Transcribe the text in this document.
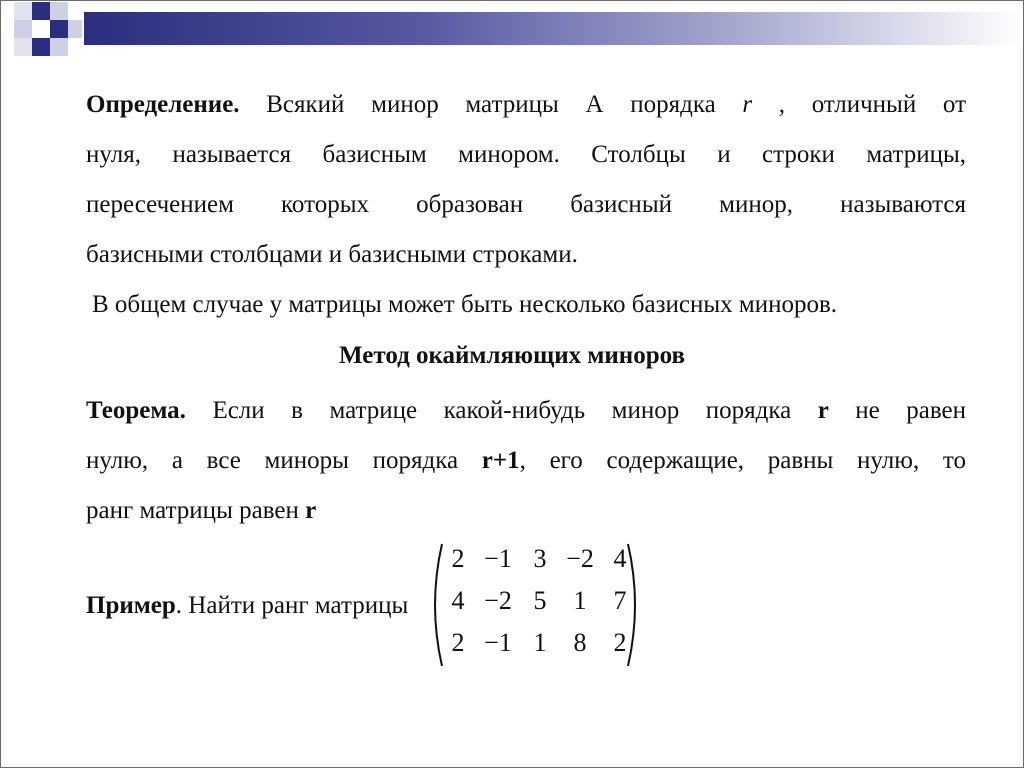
Определение. Всякий минор матрицы А порядка r , отличный от
нуля, называется базисным минором. Столбцы и строки матрицы,
пересечением которых образован базисный минор, называются
базисными столбцами и базисными строками.
В общем случае у матрицы может быть несколько базисных миноров.
Метод окаймляющих миноров
Теорема. Если в матрице какой-нибудь минор порядка r не равен
нулю, а все миноры порядка r+1, его содержащие, равны нулю, то
ранг матрицы равен r
Пример. Найти ранг матрицы
2 −1 3 −2 4
4 −2 5	1	7
2 −1 1	8	2
